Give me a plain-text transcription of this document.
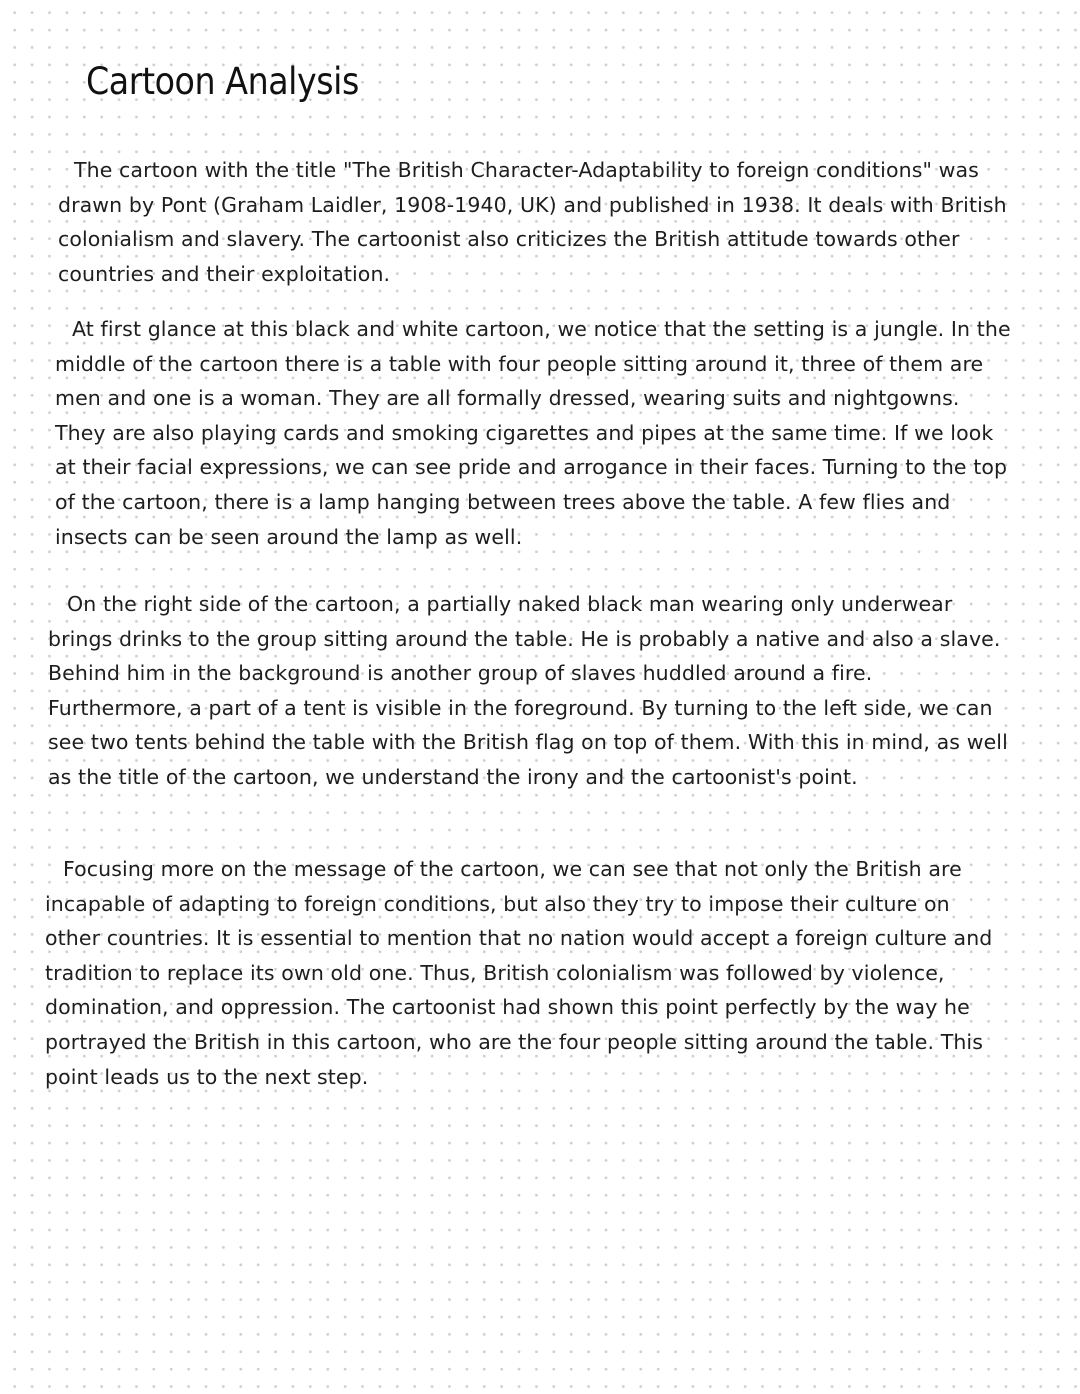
Cartoon Analysis

The cartoon with the title "The British Character-Adaptability to foreign conditions" was drawn by Pont (Graham Laidler, 1908-1940, UK) and published in 1938. It deals with British colonialism and slavery. The cartoonist also criticizes the British attitude towards other countries and their exploitation.

At first glance at this black and white cartoon, we notice that the setting is a jungle. In the middle of the cartoon there is a table with four people sitting around it, three of them are men and one is a woman. They are all formally dressed, wearing suits and nightgowns. They are also playing cards and smoking cigarettes and pipes at the same time. If we look at their facial expressions, we can see pride and arrogance in their faces. Turning to the top of the cartoon, there is a lamp hanging between trees above the table. A few flies and insects can be seen around the lamp as well.

On the right side of the cartoon, a partially naked black man wearing only underwear brings drinks to the group sitting around the table. He is probably a native and also a slave. Behind him in the background is another group of slaves huddled around a fire. Furthermore, a part of a tent is visible in the foreground. By turning to the left side, we can see two tents behind the table with the British flag on top of them. With this in mind, as well as the title of the cartoon, we understand the irony and the cartoonist's point.

Focusing more on the message of the cartoon, we can see that not only the British are incapable of adapting to foreign conditions, but also they try to impose their culture on other countries. It is essential to mention that no nation would accept a foreign culture and tradition to replace its own old one. Thus, British colonialism was followed by violence, domination, and oppression. The cartoonist had shown this point perfectly by the way he portrayed the British in this cartoon, who are the four people sitting around the table. This point leads us to the next step.
